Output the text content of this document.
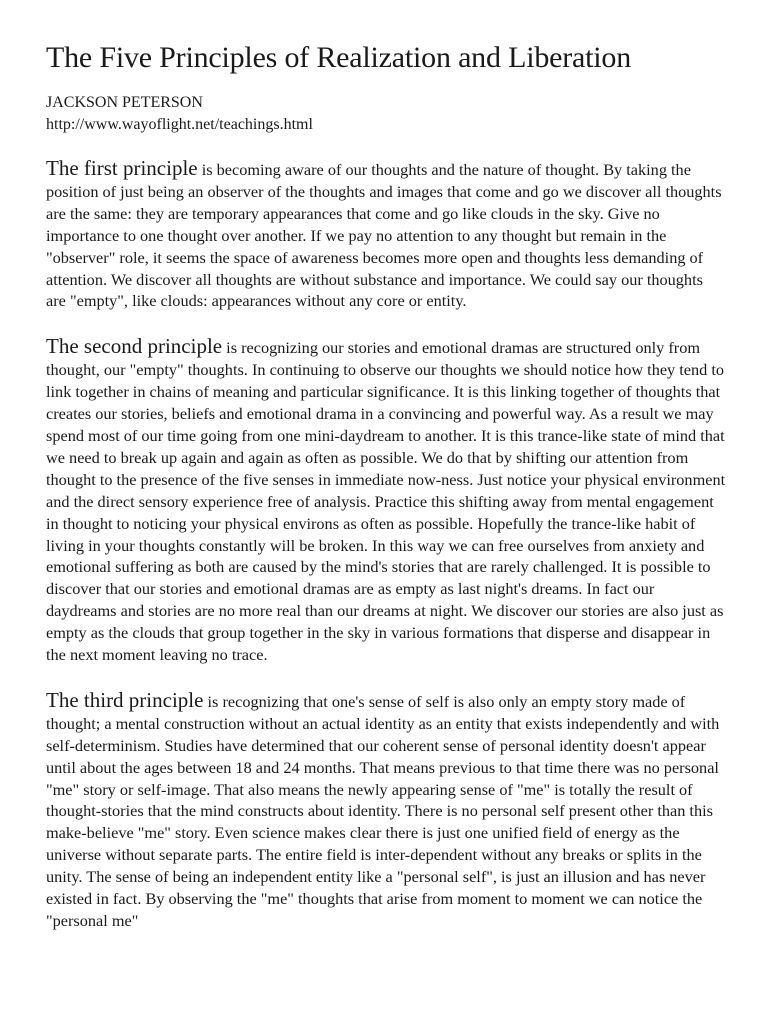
The Five Principles of Realization and Liberation

JACKSON PETERSON

http://www.wayoflight.net/teachings.html

The first principle is becoming aware of our thoughts and the nature of thought. By taking the position of just being an observer of the thoughts and images that come and go we discover all thoughts are the same: they are temporary appearances that come and go like clouds in the sky. Give no importance to one thought over another. If we pay no attention to any thought but remain in the "observer" role, it seems the space of awareness becomes more open and thoughts less demanding of attention. We discover all thoughts are without substance and importance. We could say our thoughts are "empty", like clouds: appearances without any core or entity.

The second principle is recognizing our stories and emotional dramas are structured only from thought, our "empty" thoughts. In continuing to observe our thoughts we should notice how they tend to link together in chains of meaning and particular significance. It is this linking together of thoughts that creates our stories, beliefs and emotional drama in a convincing and powerful way. As a result we may spend most of our time going from one mini-daydream to another. It is this trance-like state of mind that we need to break up again and again as often as possible. We do that by shifting our attention from thought to the presence of the five senses in immediate now-ness. Just notice your physical environment and the direct sensory experience free of analysis. Practice this shifting away from mental engagement in thought to noticing your physical environs as often as possible. Hopefully the trance-like habit of living in your thoughts constantly will be broken. In this way we can free ourselves from anxiety and emotional suffering as both are caused by the mind's stories that are rarely challenged. It is possible to discover that our stories and emotional dramas are as empty as last night's dreams. In fact our daydreams and stories are no more real than our dreams at night. We discover our stories are also just as empty as the clouds that group together in the sky in various formations that disperse and disappear in the next moment leaving no trace.

The third principle is recognizing that one's sense of self is also only an empty story made of thought; a mental construction without an actual identity as an entity that exists independently and with self-determinism. Studies have determined that our coherent sense of personal identity doesn't appear until about the ages between 18 and 24 months. That means previous to that time there was no personal "me" story or self-image. That also means the newly appearing sense of "me" is totally the result of thought-stories that the mind constructs about identity. There is no personal self present other than this make-believe "me" story. Even science makes clear there is just one unified field of energy as the universe without separate parts. The entire field is inter-dependent without any breaks or splits in the unity. The sense of being an independent entity like a "personal self", is just an illusion and has never existed in fact. By observing the "me" thoughts that arise from moment to moment we can notice the "personal me"
